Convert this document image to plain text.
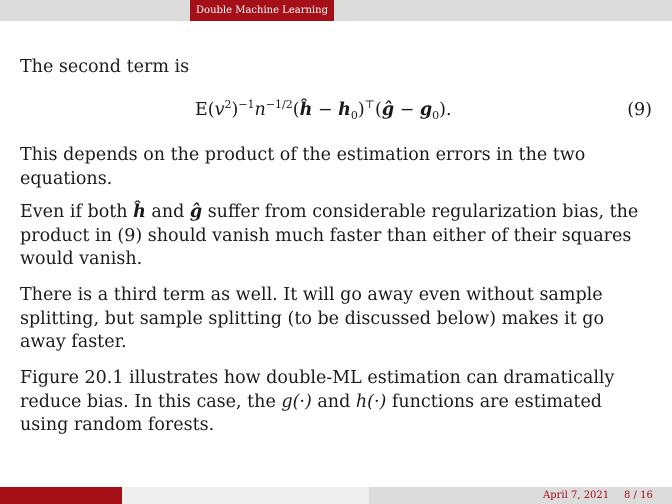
Double Machine Learning

The second term is

$E(v^2)^{-1}n^{-1/2}(ĥ$ − $h_0)^⊤(ĝ - g_0)$.	(9)

This depends on the product of the estimation errors in the two equations.

Even if both ĥ and ĝ suffer from considerable regularization bias, the product in (9) should vanish much faster than either of their squares would vanish.

There is a third term as well. It will go away even without sample splitting, but sample splitting (to be discussed below) makes it go away faster.

Figure 20.1 illustrates how double-ML estimation can dramatically reduce bias. In this case, the g(·) and h(·) functions are estimated using random forests.

April 7, 2021 8 / 16
